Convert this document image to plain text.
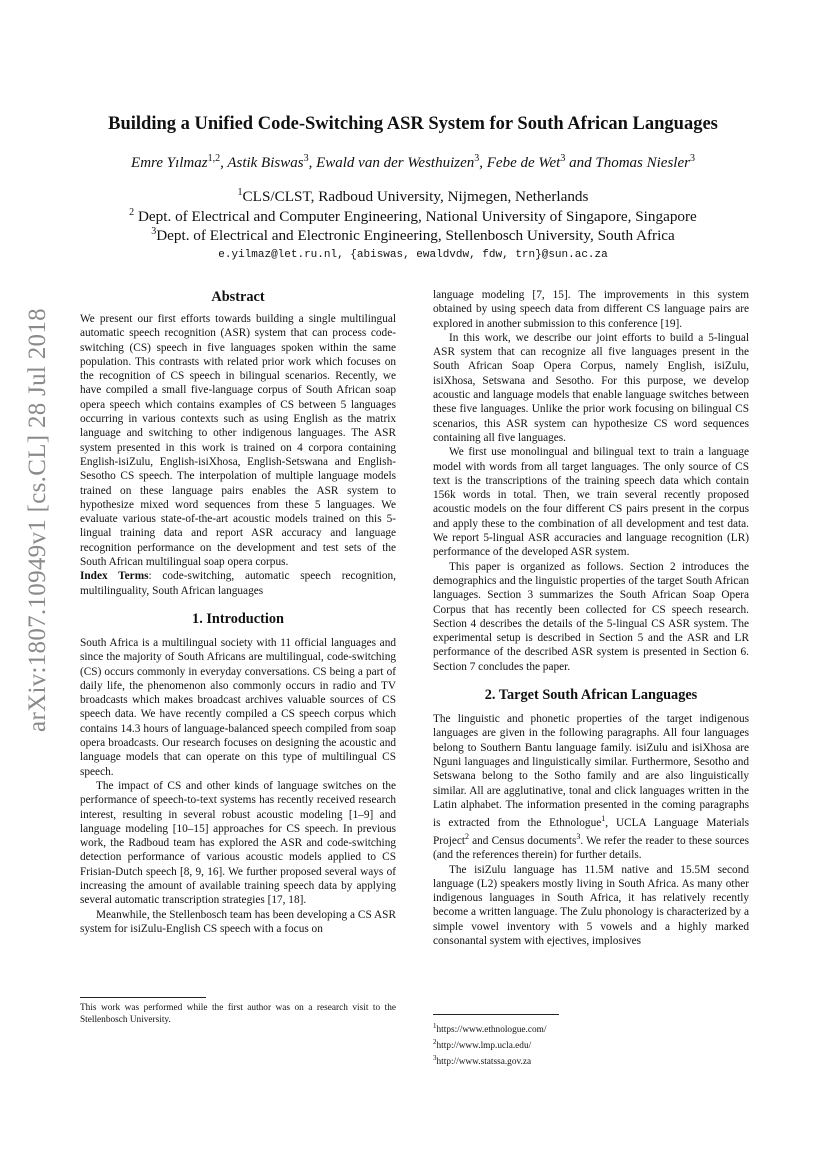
arXiv:1807.10949v1 [cs.CL] 28 Jul 2018
Building a Unified Code-Switching ASR System for South African Languages
Emre Yılmaz$^{1,2}$, Astik Biswas$^3$, Ewald van der Westhuizen$^3$, Febe de Wet$^3$ and Thomas Niesler$^3$
$^1$CLS/CLST, Radboud University, Nijmegen, Netherlands
$^2$ Dept. of Electrical and Computer Engineering, National University of Singapore, Singapore
$^3$Dept. of Electrical and Electronic Engineering, Stellenbosch University, South Africa
e.yilmaz@let.ru.nl, {abiswas, ewaldvdw, fdw, trn}@sun.ac.za
Abstract

We present our first efforts towards building a single multilingual automatic speech recognition (ASR) system that can process code-switching (CS) speech in five languages spoken within the same population. This contrasts with related prior work which focuses on the recognition of CS speech in bilingual scenarios. Recently, we have compiled a small five-language corpus of South African soap opera speech which contains examples of CS between 5 languages occurring in various contexts such as using English as the matrix language and switching to other indigenous languages. The ASR system presented in this work is trained on 4 corpora containing English-isiZulu, English-isiXhosa, English-Setswana and English-Sesotho CS speech. The interpolation of multiple language models trained on these language pairs enables the ASR system to hypothesize mixed word sequences from these 5 languages. We evaluate various state-of-the-art acoustic models trained on this 5-lingual training data and report ASR accuracy and language recognition performance on the development and test sets of the South African multilingual soap opera corpus.

Index Terms: code-switching, automatic speech recognition, multilinguality, South African languages

1. Introduction

South Africa is a multilingual society with 11 official languages and since the majority of South Africans are multilingual, code-switching (CS) occurs commonly in everyday conversations. CS being a part of daily life, the phenomenon also commonly occurs in radio and TV broadcasts which makes broadcast archives valuable sources of CS speech data. We have recently compiled a CS speech corpus which contains 14.3 hours of language-balanced speech compiled from soap opera broadcasts. Our research focuses on designing the acoustic and language models that can operate on this type of multilingual CS speech.

The impact of CS and other kinds of language switches on the performance of speech-to-text systems has recently received research interest, resulting in several robust acoustic modeling [1–9] and language modeling [10–15] approaches for CS speech. In previous work, the Radboud team has explored the ASR and code-switching detection performance of various acoustic models applied to CS Frisian-Dutch speech [8, 9, 16]. We further proposed several ways of increasing the amount of available training speech data by applying several automatic transcription strategies [17, 18].

Meanwhile, the Stellenbosch team has been developing a CS ASR system for isiZulu-English CS speech with a focus on

This work was performed while the first author was on a research visit to the Stellenbosch University.

language modeling [7, 15]. The improvements in this system obtained by using speech data from different CS language pairs are explored in another submission to this conference [19].

In this work, we describe our joint efforts to build a 5-lingual ASR system that can recognize all five languages present in the South African Soap Opera Corpus, namely English, isiZulu, isiXhosa, Setswana and Sesotho. For this purpose, we develop acoustic and language models that enable language switches between these five languages. Unlike the prior work focusing on bilingual CS scenarios, this ASR system can hypothesize CS word sequences containing all five languages.

We first use monolingual and bilingual text to train a language model with words from all target languages. The only source of CS text is the transcriptions of the training speech data which contain 156k words in total. Then, we train several recently proposed acoustic models on the four different CS pairs present in the corpus and apply these to the combination of all development and test data. We report 5-lingual ASR accuracies and language recognition (LR) performance of the developed ASR system.

This paper is organized as follows. Section 2 introduces the demographics and the linguistic properties of the target South African languages. Section 3 summarizes the South African Soap Opera Corpus that has recently been collected for CS speech research. Section 4 describes the details of the 5-lingual CS ASR system. The experimental setup is described in Section 5 and the ASR and LR performance of the described ASR system is presented in Section 6. Section 7 concludes the paper.

2. Target South African Languages

The linguistic and phonetic properties of the target indigenous languages are given in the following paragraphs. All four languages belong to Southern Bantu language family. isiZulu and isiXhosa are Nguni languages and linguistically similar. Furthermore, Sesotho and Setswana belong to the Sotho family and are also linguistically similar. All are agglutinative, tonal and click languages written in the Latin alphabet. The information presented in the coming paragraphs is extracted from the Ethnologue$^1$, UCLA Language Materials Project$^2$ and Census documents$^3$. We refer the reader to these sources (and the references therein) for further details.

The isiZulu language has 11.5M native and 15.5M second language (L2) speakers mostly living in South Africa. As many other indigenous languages in South Africa, it has relatively recently become a written language. The Zulu phonology is characterized by a simple vowel inventory with 5 vowels and a highly marked consonantal system with ejectives, implosives

$^1$https://www.ethnologue.com/
$^2$http://www.lmp.ucla.edu/
$^3$http://www.statssa.gov.za
